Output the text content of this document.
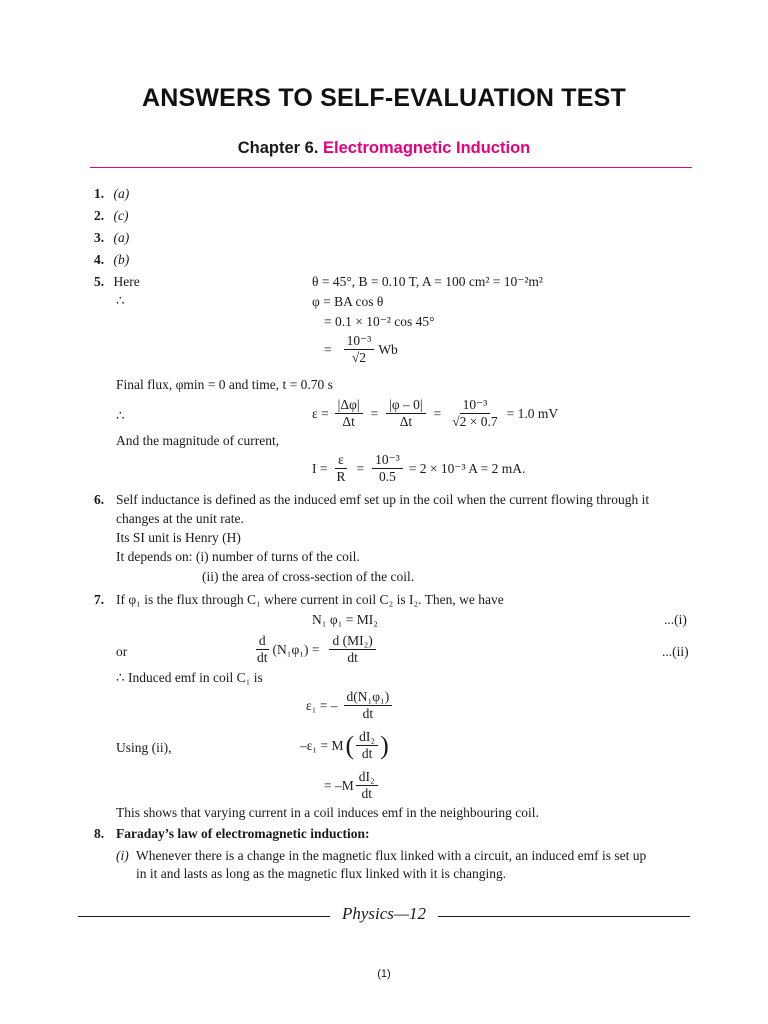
ANSWERS TO SELF-EVALUATION TEST
Chapter 6. Electromagnetic Induction
1. (a)
2. (c)
3. (a)
4. (b)
5. Here
∴
θ = 45°, B = 0.10 T, A = 100 cm² = 10⁻²m²
φ = BA cos θ
= 0.1 × 10⁻² cos 45°
= $\frac{\text{10⁻³}}{√2}$ Wb
Final flux, φmin = 0 and time, t = 0.70 s
∴	$\varepsilon = \frac{|\Delta\varphi|}{\Delta t} = \frac{|\varphi - 0|}{\Delta t} = \frac{\text{10⁻³}}{√2 \times 0.7} = 1.0$ mV
And the magnitude of current,
$I = \frac{\varepsilon}{R} = \frac{\text{10⁻³}}{0.5} = 2 \times 10^{-3}$ A = 2 mA.
6. Self inductance is defined as the induced emf set up in the coil when the current flowing through it
changes at the unit rate.
Its SI unit is Henry (H)
It depends on: (i) number of turns of the coil.
(ii) the area of cross-section of the coil.
7. If φ₁ is the flux through C₁ where current in coil C₂ is I₂. Then, we have
N₁ φ₁ = MI₂	...(i)
or	$\frac{d}{dt} (N_1\varphi_1) = \frac{\text{d (MI₂)}}{dt}$	...(ii)
∴ Induced emf in coil C₁ is
ε₁ = – $\frac{\text{d(N₁φ₁)}}{dt}$
Using (ii),	–ε₁ = M ( $\frac{\text{dI₂}}{dt}$ )
= $-M \frac{\text{dI₂}}{dt}$
This shows that varying current in a coil induces emf in the neighbouring coil.
8. Faraday’s law of electromagnetic induction:
(i) Whenever there is a change in the magnetic flux linked with a circuit, an induced emf is set up
in it and lasts as long as the magnetic flux linked with it is changing.
Physics—12
(1)
